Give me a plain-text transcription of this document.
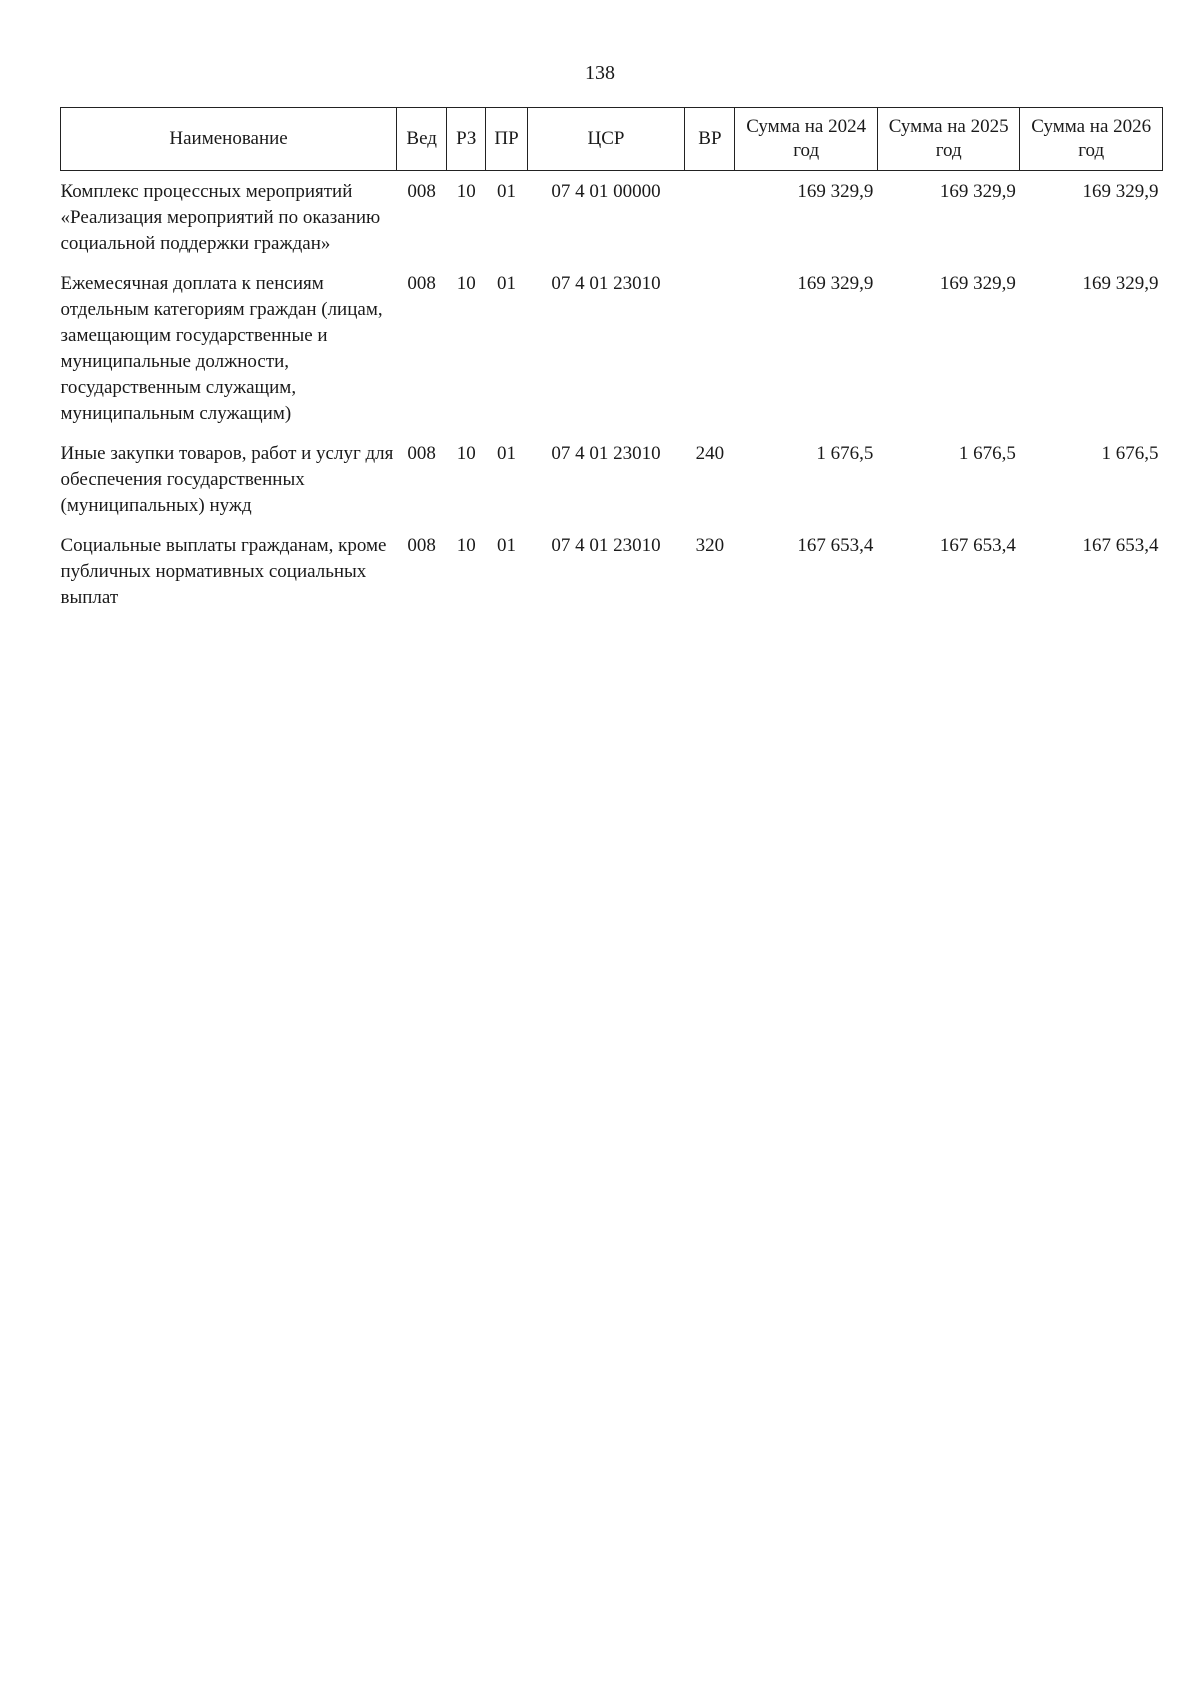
138
Наименование	Вед	РЗ	ПР	ЦСР	ВР	Сумма на 2024 год	Сумма на 2025 год	Сумма на 2026 год
Комплекс процессных мероприятий «Реализация мероприятий по оказанию социальной поддержки граждан»	008	10	01	07 4 01 00000		169 329,9	169 329,9	169 329,9
Ежемесячная доплата к пенсиям отдельным категориям граждан (лицам, замещающим государственные и муниципальные должности, государственным служащим, муниципальным служащим)	008	10	01	07 4 01 23010		169 329,9	169 329,9	169 329,9
Иные закупки товаров, работ и услуг для обеспечения государственных (муниципальных) нужд	008	10	01	07 4 01 23010	240	1 676,5	1 676,5	1 676,5
Социальные выплаты гражданам, кроме публичных нормативных социальных выплат	008	10	01	07 4 01 23010	320	167 653,4	167 653,4	167 653,4
